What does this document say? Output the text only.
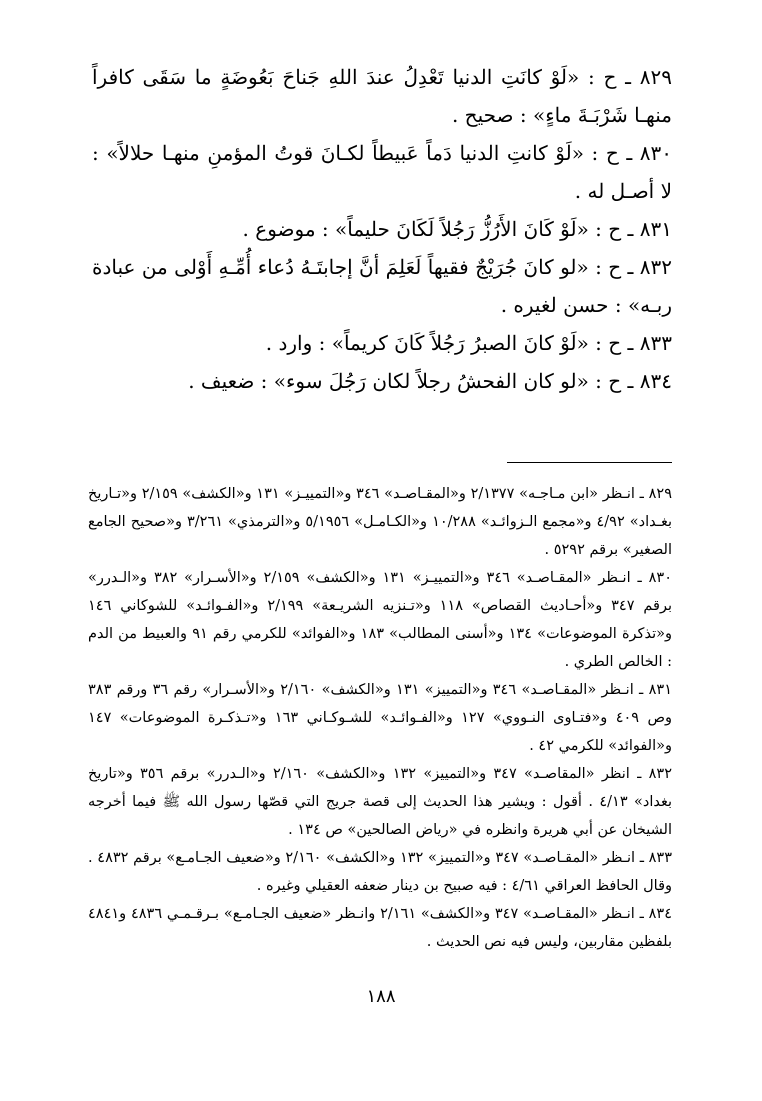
٨٢٩ ـ ح : «لَوْ كانَتِ الدنيا تَعْدِلُ عندَ اللهِ جَناحَ بَعُوضَةٍ ما سَقَى كافراً منهـا شَرْبَـةَ ماءٍ» : صحيح .
٨٣٠ ـ ح : «لَوْ كانتِ الدنيا دَماً عَبيطاً لكـانَ قوتُ المؤمنِ منهـا حلالاً» : لا أصـل له .
٨٣١ ـ ح : «لَوْ كَانَ الأَرُزُّ رَجُلاً لَكَانَ حليماً» : موضوع .
٨٣٢ ـ ح : «لو كانَ جُرَيْجٌ فقيهاً لَعَلِمَ أنَّ إجابتَـهُ دُعاء أُمِّـهِ أَوْلى من عبادة ربـه» : حسن لغيره .
٨٣٣ ـ ح : «لَوْ كانَ الصبرُ رَجُلاً كَانَ كريماً» : وارد .
٨٣٤ ـ ح : «لو كان الفحشُ رجلاً لكان رَجُلَ سوء» : ضعيف .
٨٢٩ ـ انـظر «ابن مـاجـه» ٢/١٣٧٧ و«المقـاصـد» ٣٤٦ و«التمييـز» ١٣١ و«الكشف» ٢/١٥٩ و«تـاريخ بغـداد» ٤/٩٢ و«مجمع الـزوائـد» ١٠/٢٨٨ و«الكـامـل» ٥/١٩٥٦ و«الترمذي» ٣/٢٦١ و«صحيح الجامع الصغير» برقم ٥٢٩٢ .
٨٣٠ ـ انـظر «المقـاصـد» ٣٤٦ و«التمييـز» ١٣١ و«الكشف» ٢/١٥٩ و«الأسـرار» ٣٨٢ و«الـدرر» برقم ٣٤٧ و«أحـاديث القصاص» ١١٨ و«تـنزيه الشريـعة» ٢/١٩٩ و«الفـوائـد» للشوكاني ١٤٦ و«تذكرة الموضوعات» ١٣٤ و«أسنى المطالب» ١٨٣ و«الفوائد» للكرمي رقم ٩١ والعبيط من الدم : الخالص الطري .
٨٣١ ـ انـظر «المقـاصـد» ٣٤٦ و«التمييز» ١٣١ و«الكشف» ٢/١٦٠ و«الأسـرار» رقم ٣٦ ورقم ٣٨٣ وص ٤٠٩ و«فتـاوى النـووي» ١٢٧ و«الفـوائـد» للشـوكـاني ١٦٣ و«تـذكـرة الموضوعات» ١٤٧ و«الفوائد» للكرمي ٤٢ .
٨٣٢ ـ انظر «المقاصـد» ٣٤٧ و«التمييز» ١٣٢ و«الكشف» ٢/١٦٠ و«الـدرر» برقم ٣٥٦ و«تاريخ بغداد» ٤/١٣ . أقول : ويشير هذا الحديث إلى قصة جريج التي قصّها رسول الله ﷺ فيما أخرجه الشيخان عن أبي هريرة وانظره في «رياض الصالحين» ص ١٣٤ .
٨٣٣ ـ انـظر «المقـاصـد» ٣٤٧ و«التمييز» ١٣٢ و«الكشف» ٢/١٦٠ و«ضعيف الجـامـع» برقم ٤٨٣٢ . وقال الحافظ العراقي ٤/٦١ : فيه صبيح بن دينار ضعفه العقيلي وغيره .
٨٣٤ ـ انـظر «المقـاصـد» ٣٤٧ و«الكشف» ٢/١٦١ وانـظر «ضعيف الجـامـع» بـرقـمـي ٤٨٣٦ و٤٨٤١ بلفظين مقاربين، وليس فيه نص الحديث .
١٨٨
